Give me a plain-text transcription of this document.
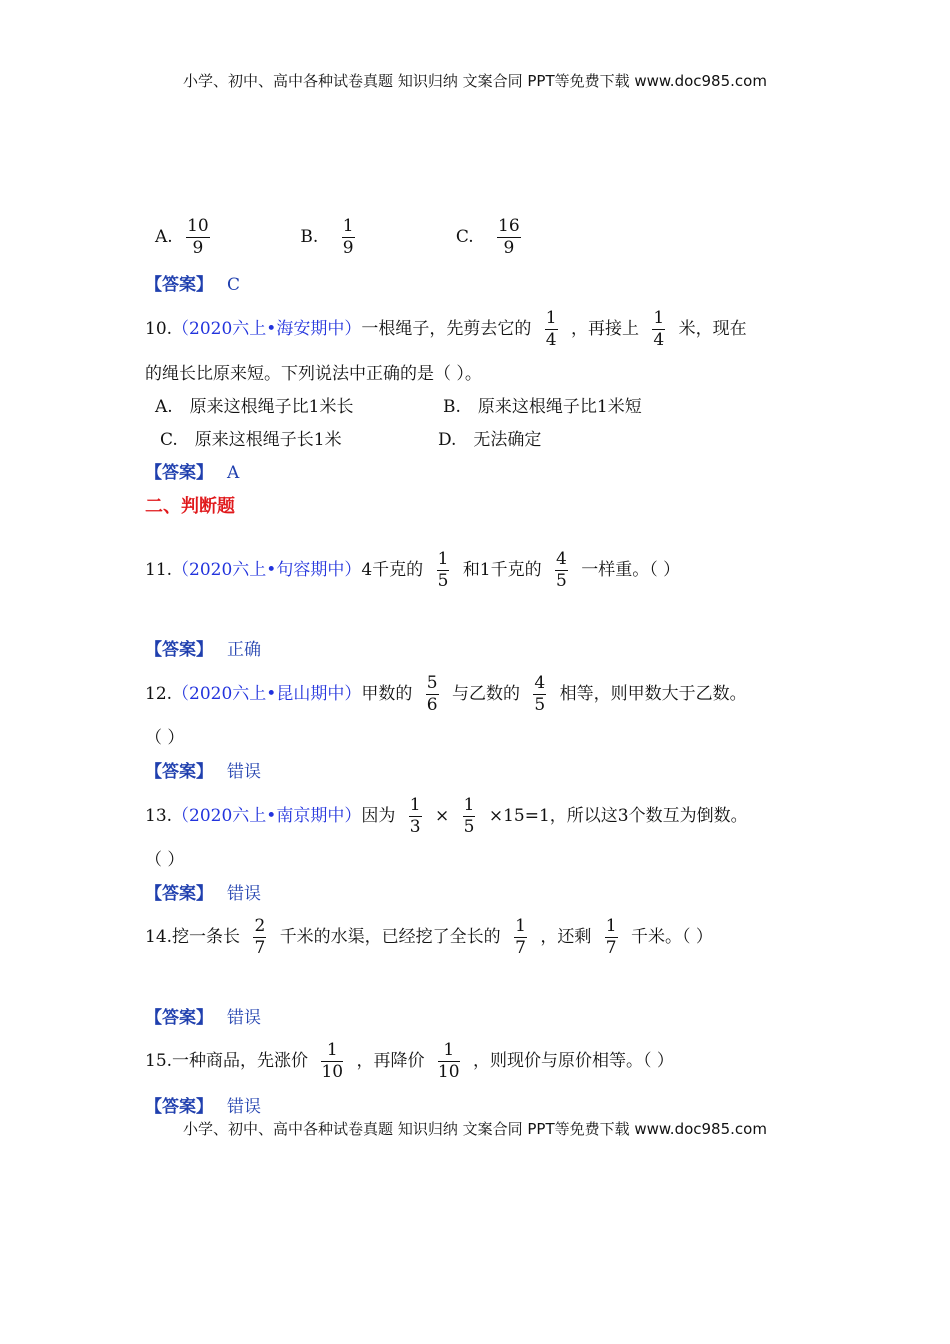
小学、初中、高中各种试卷真题 知识归纳 文案合同 PPT等免费下载 www.doc985.com
A. $\frac{10}{9}$	B. $\frac{1}{9}$	C. $\frac{16}{9}$
【答案】 C
10.（2020六上•海安期中）一根绳子，先剪去它的 $\frac{1}{4}$ ，再接上 $\frac{1}{4}$ 米，现在
的绳长比原来短。下列说法中正确的是（ ）。
A.　原来这根绳子比1米长	B.　原来这根绳子比1米短
C.　原来这根绳子长1米	D.　无法确定
【答案】 A
二、判断题
11.（2020六上•句容期中）4千克的 $\frac{1}{5}$ 和1千克的 $\frac{4}{5}$ 一样重。（ ）
【答案】 正确
12.（2020六上•昆山期中）甲数的 $\frac{5}{6}$ 与乙数的 $\frac{4}{5}$ 相等，则甲数大于乙数。
（ ）
【答案】 错误
13.（2020六上•南京期中）因为 $\frac{1}{3} \times \frac{1}{5} \times 15=1$，所以这3个数互为倒数。
（ ）
【答案】 错误
14.挖一条长 $\frac{2}{7}$ 千米的水渠，已经挖了全长的 $\frac{1}{7}$ ，还剩 $\frac{1}{7}$ 千米。（ ）
【答案】 错误
15.一种商品，先涨价 $\frac{1}{10}$ ，再降价 $\frac{1}{10}$ ，则现价与原价相等。（ ）
【答案】 错误
小学、初中、高中各种试卷真题 知识归纳 文案合同 PPT等免费下载 www.doc985.com
